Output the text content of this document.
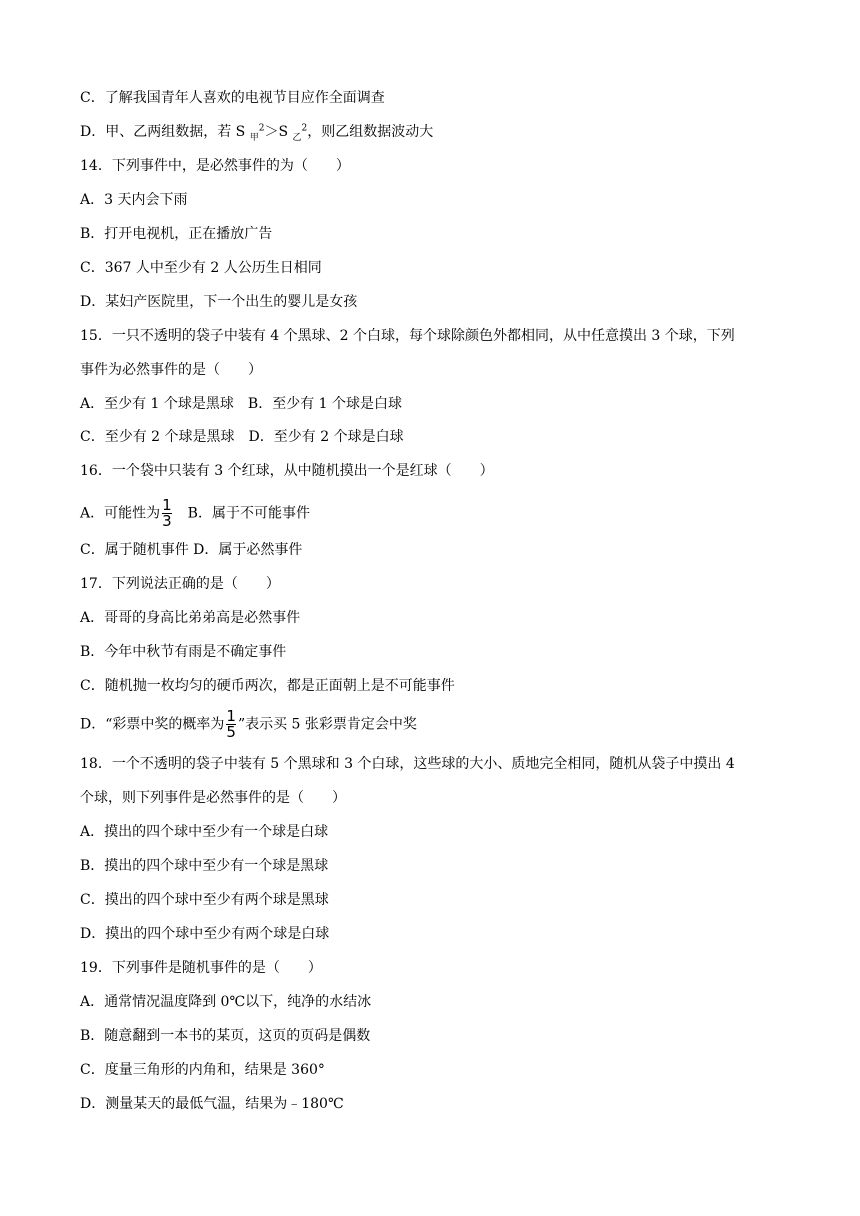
C．了解我国青年人喜欢的电视节目应作全面调查
D．甲、乙两组数据，若 S $_甲^2$＞S $_乙^2$，则乙组数据波动大
14．下列事件中，是必然事件的为（　　）
A．3 天内会下雨
B．打开电视机，正在播放广告
C．367 人中至少有 2 人公历生日相同
D．某妇产医院里，下一个出生的婴儿是女孩
15．一只不透明的袋子中装有 4 个黑球、2 个白球，每个球除颜色外都相同，从中任意摸出 3 个球，下列
事件为必然事件的是（　　）
A．至少有 1 个球是黑球 B．至少有 1 个球是白球
C．至少有 2 个球是黑球 D．至少有 2 个球是白球
16．一个袋中只装有 3 个红球，从中随机摸出一个是红球（　　）
A．可能性为 $\frac{1}{3}$ B．属于不可能事件
C．属于随机事件 D．属于必然事件
17．下列说法正确的是（　　）
A．哥哥的身高比弟弟高是必然事件
B．今年中秋节有雨是不确定事件
C．随机抛一枚均匀的硬币两次，都是正面朝上是不可能事件
D．“彩票中奖的概率为 $\frac{1}{5}$ ”表示买 5 张彩票肯定会中奖
18．一个不透明的袋子中装有 5 个黑球和 3 个白球，这些球的大小、质地完全相同，随机从袋子中摸出 4
个球，则下列事件是必然事件的是（　　）
A．摸出的四个球中至少有一个球是白球
B．摸出的四个球中至少有一个球是黑球
C．摸出的四个球中至少有两个球是黑球
D．摸出的四个球中至少有两个球是白球
19．下列事件是随机事件的是（　　）
A．通常情况温度降到 0℃以下，纯净的水结冰
B．随意翻到一本书的某页，这页的页码是偶数
C．度量三角形的内角和，结果是 360°
D．测量某天的最低气温，结果为﹣180℃
